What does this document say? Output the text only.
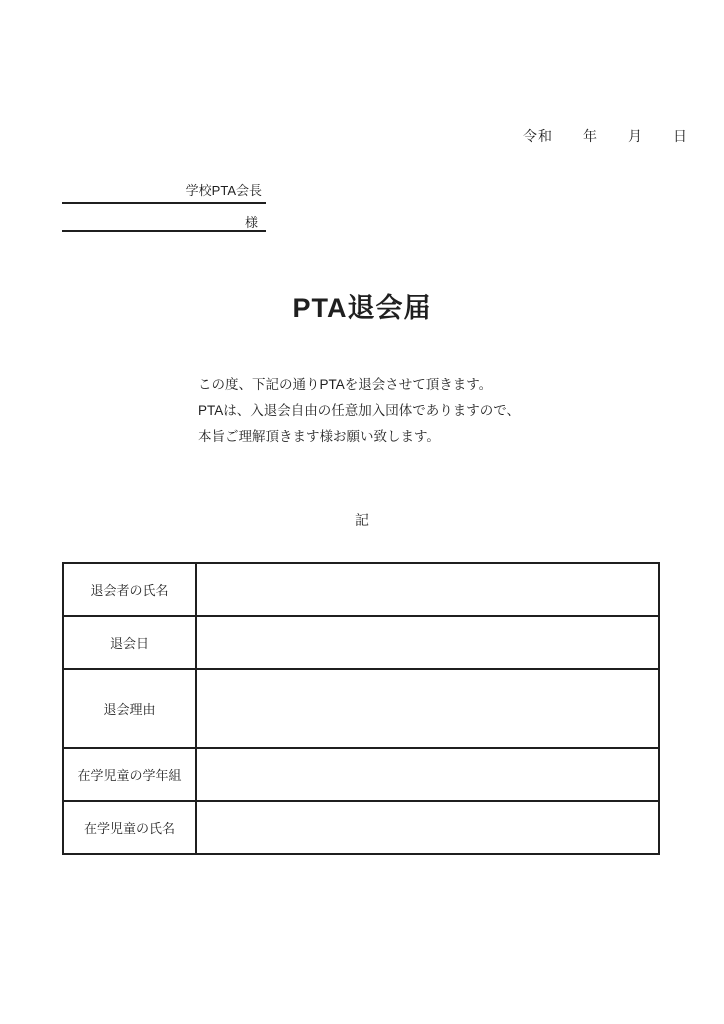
令和　　年　　月　　日
学校PTA会長
様
PTA退会届

この度、下記の通りPTAを退会させて頂きます。

PTAは、入退会自由の任意加入団体でありますので、

本旨ご理解頂きます様お願い致します。

記
退会者の氏名	
退会日	
退会理由	
在学児童の学年組	
在学児童の氏名	
